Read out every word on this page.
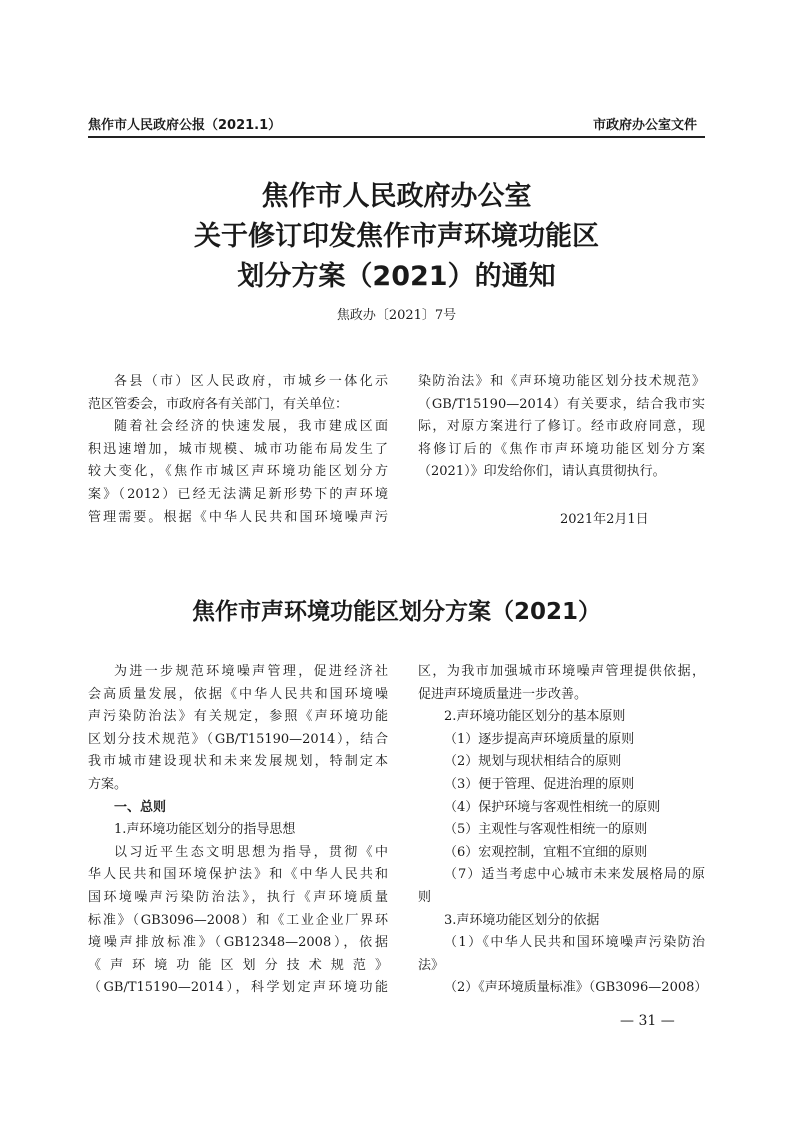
焦作市人民政府公报（2021.1）	市政府办公室文件
焦作市人民政府办公室
关于修订印发焦作市声环境功能区
划分方案（2021）的通知
焦政办〔2021〕7号

各县（市）区人民政府，市城乡一体化示

范区管委会，市政府各有关部门，有关单位：

随着社会经济的快速发展，我市建成区面

积迅速增加，城市规模、城市功能布局发生了

较大变化，《焦作市城区声环境功能区划分方

案》（2012）已经无法满足新形势下的声环境

管理需要。根据《中华人民共和国环境噪声污

染防治法》和《声环境功能区划分技术规范》

（GB/T15190—2014）有关要求，结合我市实

际，对原方案进行了修订。经市政府同意，现

将修订后的《焦作市声环境功能区划分方案

（2021）》印发给你们，请认真贯彻执行。

2021年2月1日
焦作市声环境功能区划分方案（2021）

为进一步规范环境噪声管理，促进经济社

会高质量发展，依据《中华人民共和国环境噪

声污染防治法》有关规定，参照《声环境功能

区划分技术规范》（GB/T15190—2014），结合

我市城市建设现状和未来发展规划，特制定本

方案。

一、总则

1.声环境功能区划分的指导思想

以习近平生态文明思想为指导，贯彻《中

华人民共和国环境保护法》和《中华人民共和

国环境噪声污染防治法》，执行《声环境质量

标准》（GB3096—2008）和《工业企业厂界环

境噪声排放标准》（GB12348—2008），依据

《声环境功能区划分技术规范》

（GB/T15190—2014），科学划定声环境功能

区，为我市加强城市环境噪声管理提供依据，

促进声环境质量进一步改善。

2.声环境功能区划分的基本原则

（1）逐步提高声环境质量的原则

（2）规划与现状相结合的原则

（3）便于管理、促进治理的原则

（4）保护环境与客观性相统一的原则

（5）主观性与客观性相统一的原则

（6）宏观控制，宜粗不宜细的原则

（7）适当考虑中心城市未来发展格局的原

则

3.声环境功能区划分的依据

（1）《中华人民共和国环境噪声污染防治

法》

（2）《声环境质量标准》（GB3096—2008）

— 31 —
